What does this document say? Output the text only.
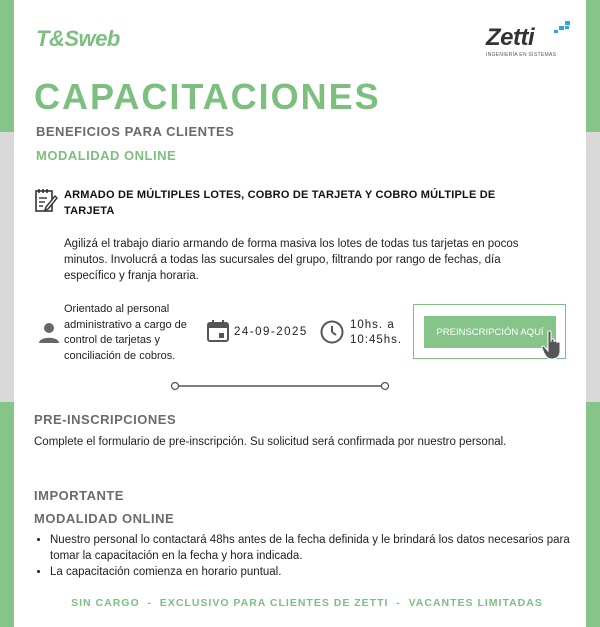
T&Sweb	Zetti
INGENIERÍA EN SISTEMAS
CAPACITACIONES
BENEFICIOS PARA CLIENTES
MODALIDAD ONLINE
ARMADO DE MÚLTIPLES LOTES, COBRO DE TARJETA Y COBRO MÚLTIPLE DE TARJETA
Agilizá el trabajo diario armando de forma masiva los lotes de todas tus tarjetas en pocos minutos. Involucrá a todas las sucursales del grupo, filtrando por rango de fechas, día específico y franja horaria.
Orientado al personal administrativo a cargo de control de tarjetas y conciliación de cobros.
24-09-2025
10hs. a 10:45hs.
PREINSCRIPCIÓN AQUÍ
PRE-INSCRIPCIONES
Complete el formulario de pre-inscripción. Su solicitud será confirmada por nuestro personal.
IMPORTANTE
MODALIDAD ONLINE
• Nuestro personal lo contactará 48hs antes de la fecha definida y le brindará los datos necesarios para tomar la capacitación en la fecha y hora indicada.
• La capacitación comienza en horario puntual.
SIN CARGO  -  EXCLUSIVO PARA CLIENTES DE ZETTI  -  VACANTES LIMITADAS
